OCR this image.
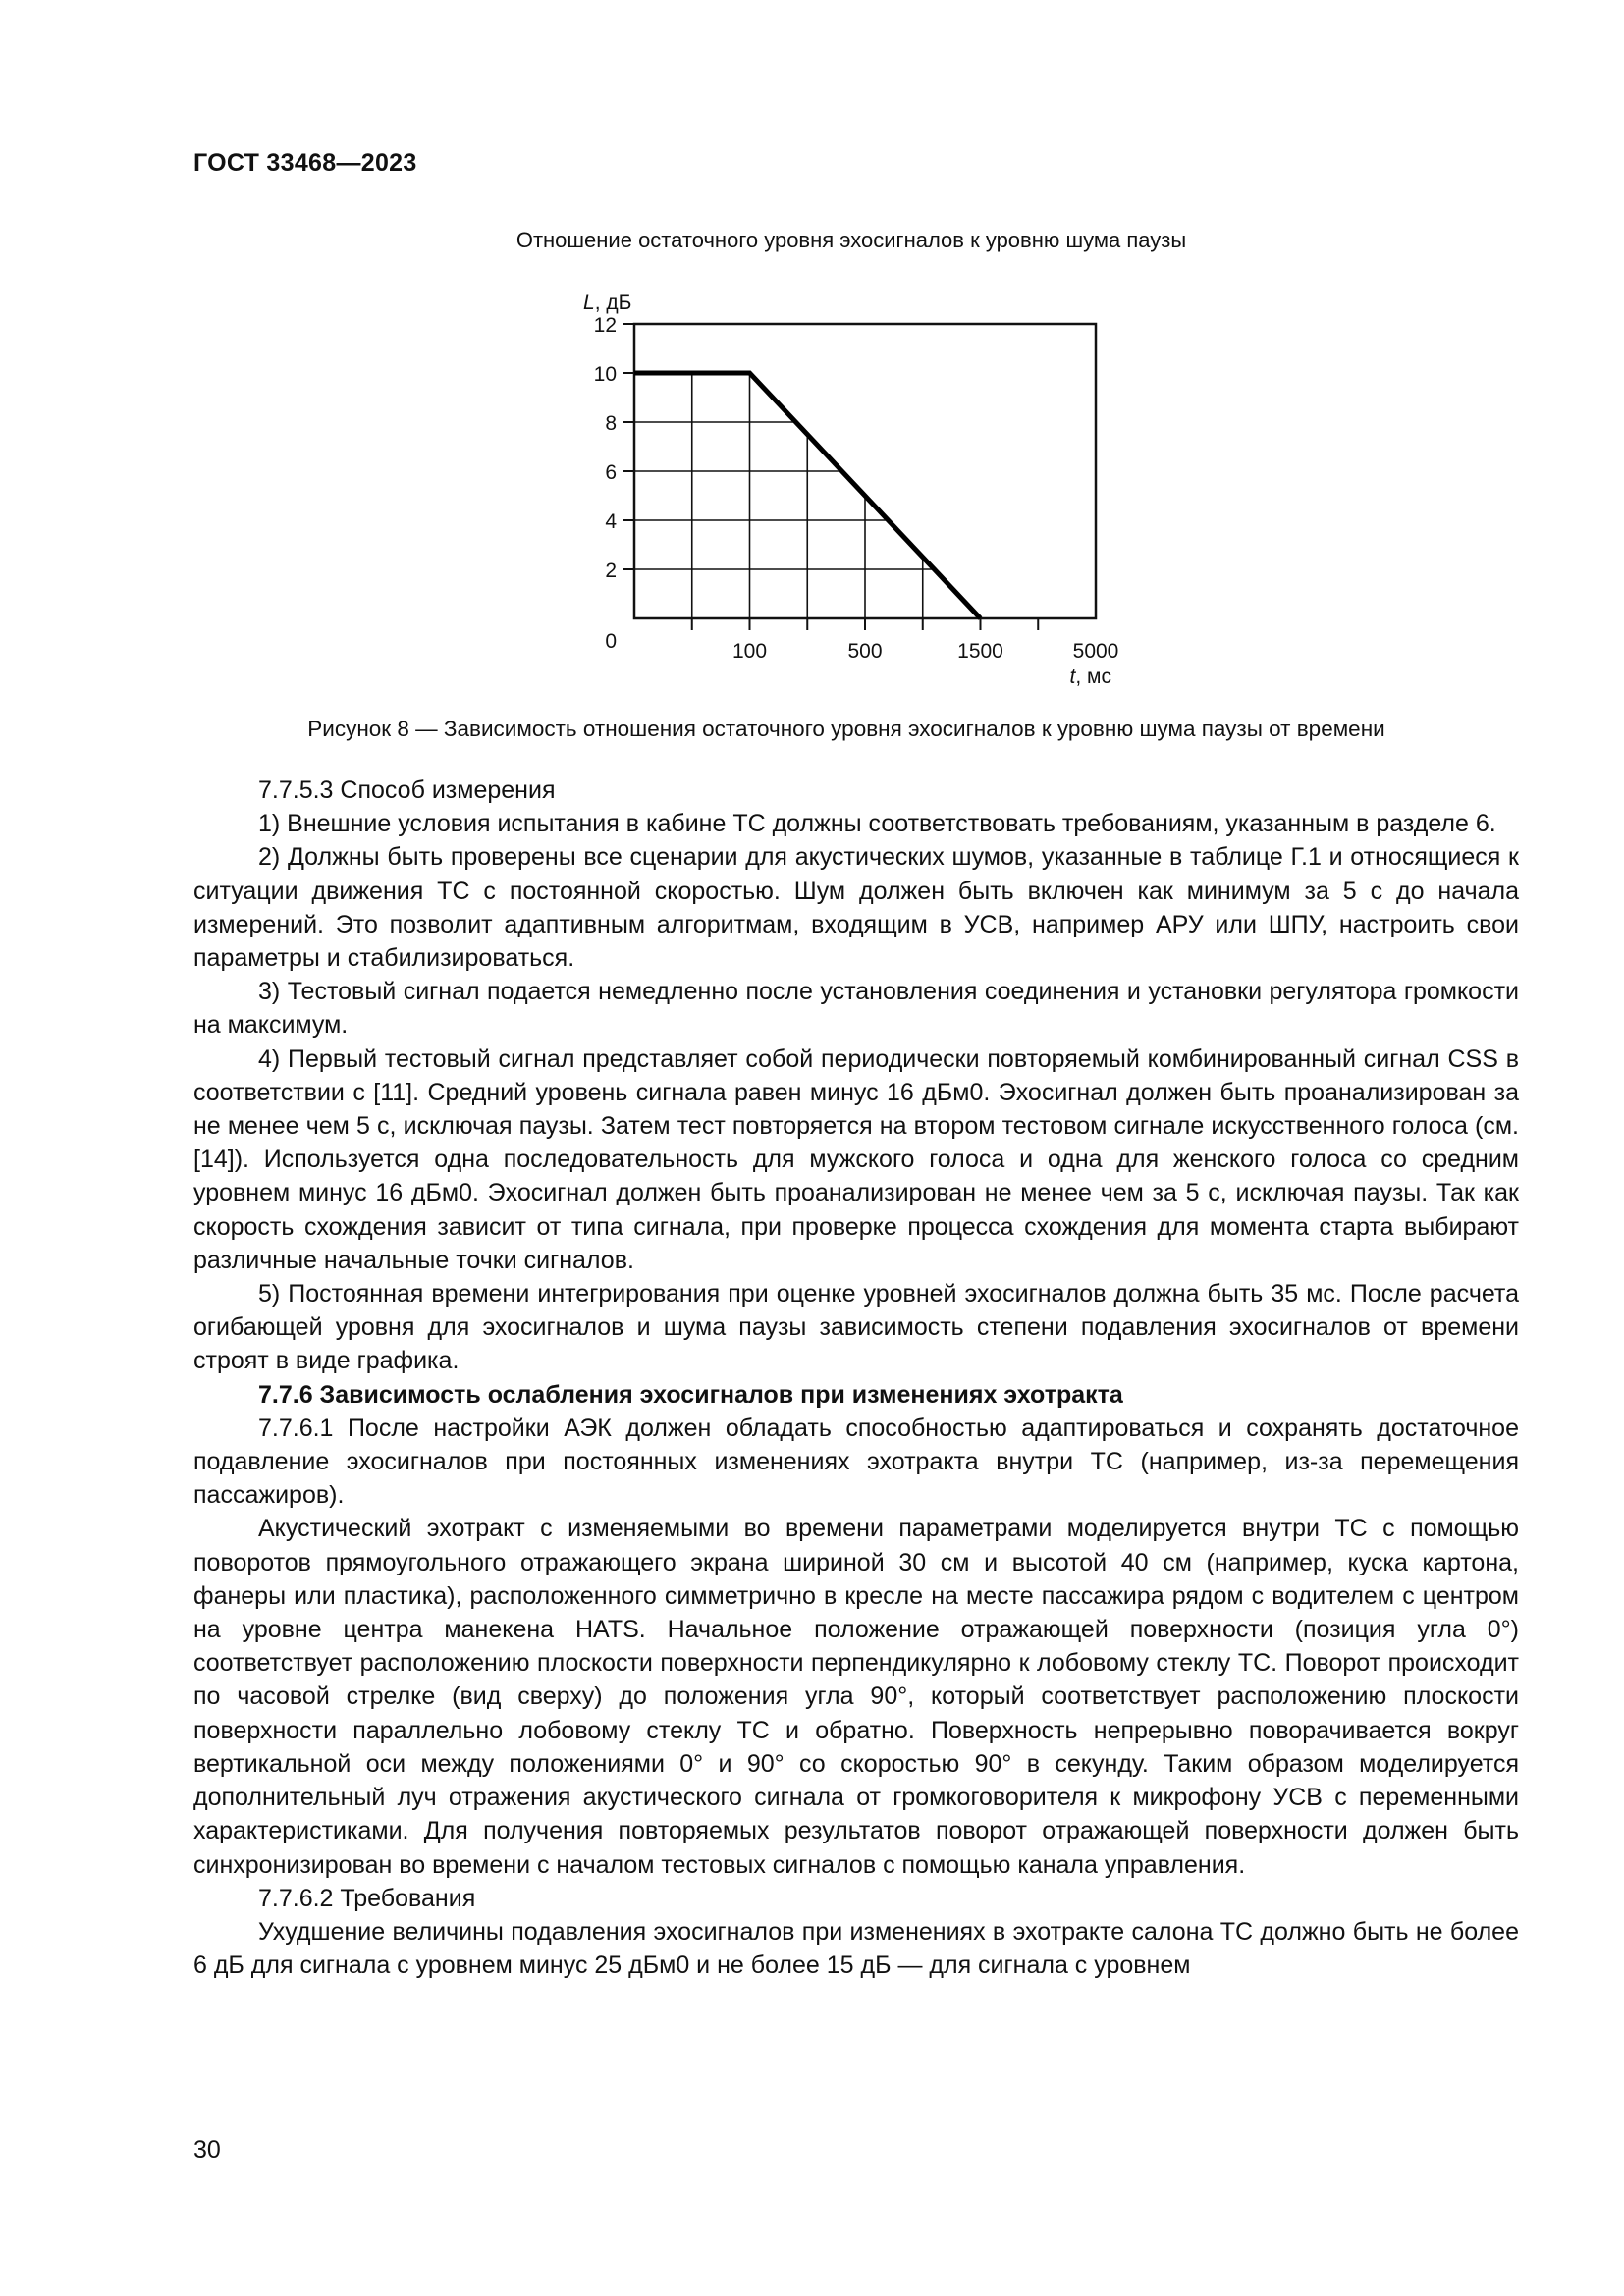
ГОСТ 33468—2023
Отношение остаточного уровня эхосигналов к уровню шума паузы
0
2
4
6
8
10
12
100	500	1500	5000
L, дБ
t, мс
Рисунок 8 — Зависимость отношения остаточного уровня эхосигналов к уровню шума паузы от времени

7.7.5.3 Способ измерения

1) Внешние условия испытания в кабине ТС должны соответствовать требованиям, указанным в разделе 6.

2) Должны быть проверены все сценарии для акустических шумов, указанные в таблице Г.1 и относящиеся к ситуации движения ТС с постоянной скоростью. Шум должен быть включен как минимум за 5 с до начала измерений. Это позволит адаптивным алгоритмам, входящим в УСВ, например АРУ или ШПУ, настроить свои параметры и стабилизироваться.

3) Тестовый сигнал подается немедленно после установления соединения и установки регулятора громкости на максимум.

4) Первый тестовый сигнал представляет собой периодически повторяемый комбинированный сигнал CSS в соответствии с [11]. Средний уровень сигнала равен минус 16 дБм0. Эхосигнал должен быть проанализирован за не менее чем 5 с, исключая паузы. Затем тест повторяется на втором тестовом сигнале искусственного голоса (см. [14]). Используется одна последовательность для мужского голоса и одна для женского голоса со средним уровнем минус 16 дБм0. Эхосигнал должен быть проанализирован не менее чем за 5 с, исключая паузы. Так как скорость схождения зависит от типа сигнала, при проверке процесса схождения для момента старта выбирают различные начальные точки сигналов.

5) Постоянная времени интегрирования при оценке уровней эхосигналов должна быть 35 мс. После расчета огибающей уровня для эхосигналов и шума паузы зависимость степени подавления эхосигналов от времени строят в виде графика.

7.7.6 Зависимость ослабления эхосигналов при изменениях эхотракта

7.7.6.1 После настройки АЭК должен обладать способностью адаптироваться и сохранять достаточное подавление эхосигналов при постоянных изменениях эхотракта внутри ТС (например, из-за перемещения пассажиров).

Акустический эхотракт с изменяемыми во времени параметрами моделируется внутри ТС с помощью поворотов прямоугольного отражающего экрана шириной 30 см и высотой 40 см (например, куска картона, фанеры или пластика), расположенного симметрично в кресле на месте пассажира рядом с водителем с центром на уровне центра манекена HATS. Начальное положение отражающей поверхности (позиция угла 0°) соответствует расположению плоскости поверхности перпендикулярно к лобовому стеклу ТС. Поворот происходит по часовой стрелке (вид сверху) до положения угла 90°, который соответствует расположению плоскости поверхности параллельно лобовому стеклу ТС и обратно. Поверхность непрерывно поворачивается вокруг вертикальной оси между положениями 0° и 90° со скоростью 90° в секунду. Таким образом моделируется дополнительный луч отражения акустического сигнала от громкоговорителя к микрофону УСВ с переменными характеристиками. Для получения повторяемых результатов поворот отражающей поверхности должен быть синхронизирован во времени с началом тестовых сигналов с помощью канала управления.

7.7.6.2 Требования

Ухудшение величины подавления эхосигналов при изменениях в эхотракте салона ТС должно быть не более 6 дБ для сигнала с уровнем минус 25 дБм0 и не более 15 дБ — для сигнала с уровнем

30
